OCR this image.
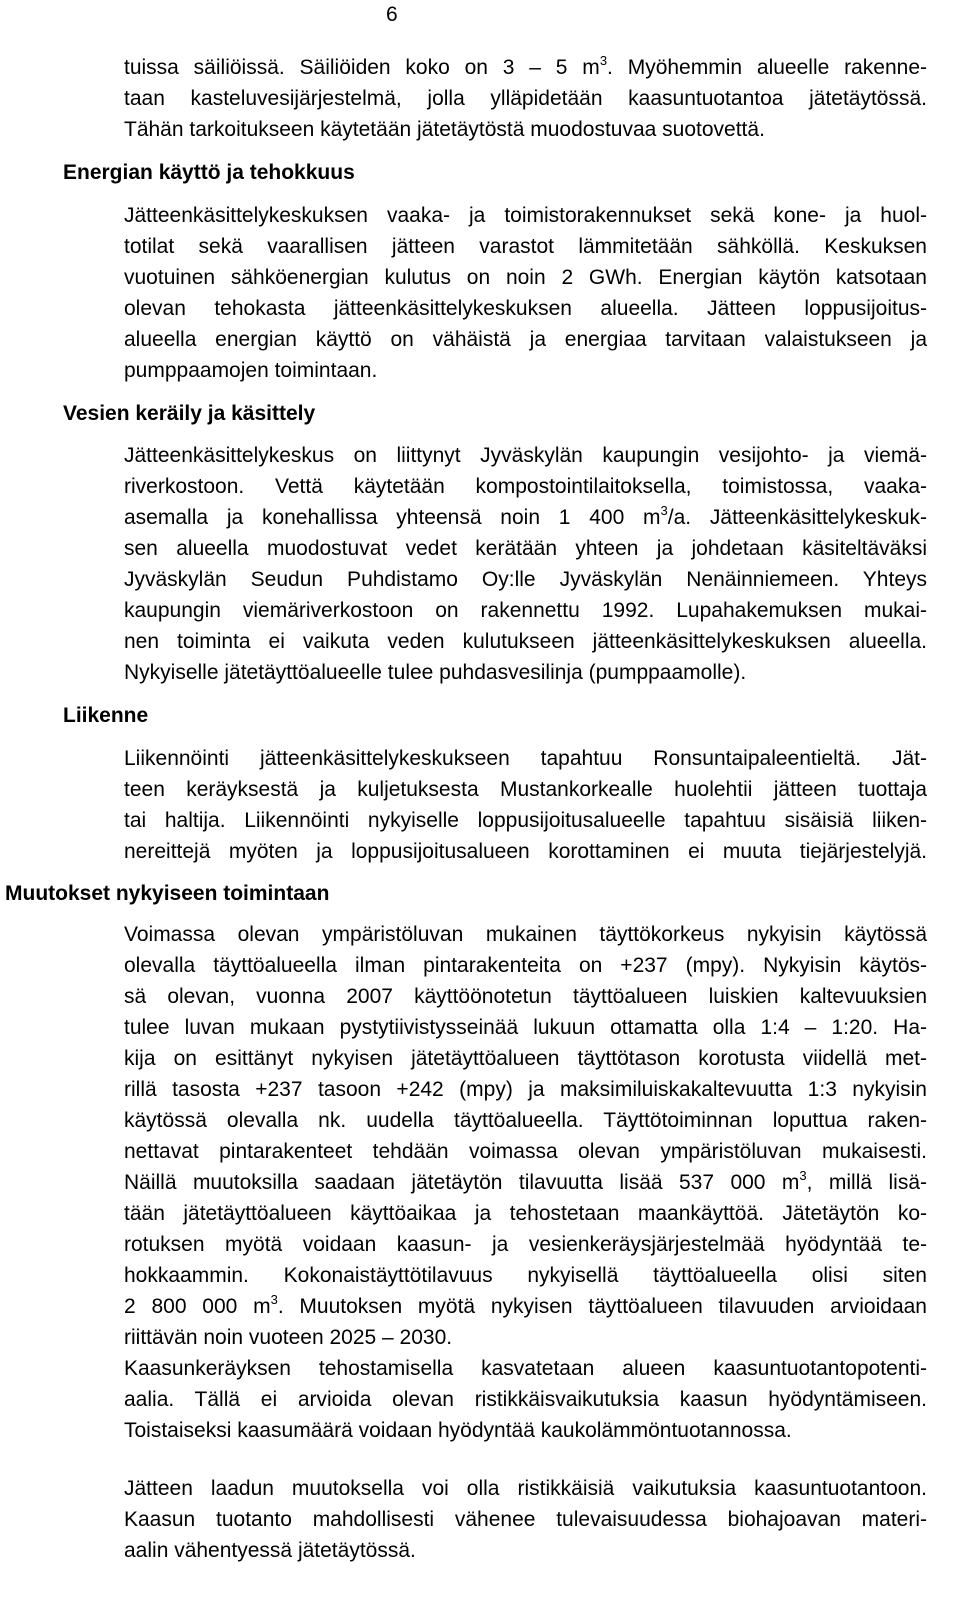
6
tuissa säiliöissä. Säiliöiden koko on 3 – 5 $m^3$. Myöhemmin alueelle rakenne-
taan kasteluvesijärjestelmä, jolla ylläpidetään kaasuntuotantoa jätetäytössä.
Tähän tarkoitukseen käytetään jätetäytöstä muodostuvaa suotovettä.
Energian käyttö ja tehokkuus
Jätteenkäsittelykeskuksen vaaka- ja toimistorakennukset sekä kone- ja huol-
totilat sekä vaarallisen jätteen varastot lämmitetään sähköllä. Keskuksen
vuotuinen sähköenergian kulutus on noin 2 GWh. Energian käytön katsotaan
olevan tehokasta jätteenkäsittelykeskuksen alueella. Jätteen loppusijoitus-
alueella energian käyttö on vähäistä ja energiaa tarvitaan valaistukseen ja
pumppaamojen toimintaan.
Vesien keräily ja käsittely
Jätteenkäsittelykeskus on liittynyt Jyväskylän kaupungin vesijohto- ja viemä-
riverkostoon. Vettä käytetään kompostointilaitoksella, toimistossa, vaaka-
asemalla ja konehallissa yhteensä noin 1 400 $m^3/a$. Jätteenkäsittelykeskuk-
sen alueella muodostuvat vedet kerätään yhteen ja johdetaan käsiteltäväksi
Jyväskylän Seudun Puhdistamo Oy:lle Jyväskylän Nenäinniemeen. Yhteys
kaupungin viemäriverkostoon on rakennettu 1992. Lupahakemuksen mukai-
nen toiminta ei vaikuta veden kulutukseen jätteenkäsittelykeskuksen alueella.
Nykyiselle jätetäyttöalueelle tulee puhdasvesilinja (pumppaamolle).
Liikenne
Liikennöinti jätteenkäsittelykeskukseen tapahtuu Ronsuntaipaleentieltä. Jät-
teen keräyksestä ja kuljetuksesta Mustankorkealle huolehtii jätteen tuottaja
tai haltija. Liikennöinti nykyiselle loppusijoitusalueelle tapahtuu sisäisiä liiken-
nereittejä myöten ja loppusijoitusalueen korottaminen ei muuta tiejärjestelyjä.
Muutokset nykyiseen toimintaan
Voimassa olevan ympäristöluvan mukainen täyttökorkeus nykyisin käytössä
olevalla täyttöalueella ilman pintarakenteita on +237 (mpy). Nykyisin käytös-
sä olevan, vuonna 2007 käyttöönotetun täyttöalueen luiskien kaltevuuksien
tulee luvan mukaan pystytiivistysseinää lukuun ottamatta olla 1:4 – 1:20. Ha-
kija on esittänyt nykyisen jätetäyttöalueen täyttötason korotusta viidellä met-
rillä tasosta +237 tasoon +242 (mpy) ja maksimiluiskakaltevuutta 1:3 nykyisin
käytössä olevalla nk. uudella täyttöalueella. Täyttötoiminnan loputtua raken-
nettavat pintarakenteet tehdään voimassa olevan ympäristöluvan mukaisesti.
Näillä muutoksilla saadaan jätetäytön tilavuutta lisää 537 000 $m^3$, millä lisä-
tään jätetäyttöalueen käyttöaikaa ja tehostetaan maankäyttöä. Jätetäytön ko-
rotuksen myötä voidaan kaasun- ja vesienkeräysjärjestelmää hyödyntää te-
hokkaammin. Kokonaistäyttötilavuus nykyisellä täyttöalueella olisi siten
2 800 000 $m^3$. Muutoksen myötä nykyisen täyttöalueen tilavuuden arvioidaan
riittävän noin vuoteen 2025 – 2030.
Kaasunkeräyksen tehostamisella kasvatetaan alueen kaasuntuotantopotenti-
aalia. Tällä ei arvioida olevan ristikkäisvaikutuksia kaasun hyödyntämiseen.
Toistaiseksi kaasumäärä voidaan hyödyntää kaukolämmöntuotannossa.
Jätteen laadun muutoksella voi olla ristikkäisiä vaikutuksia kaasuntuotantoon.
Kaasun tuotanto mahdollisesti vähenee tulevaisuudessa biohajoavan materi-
aalin vähentyessä jätetäytössä.
